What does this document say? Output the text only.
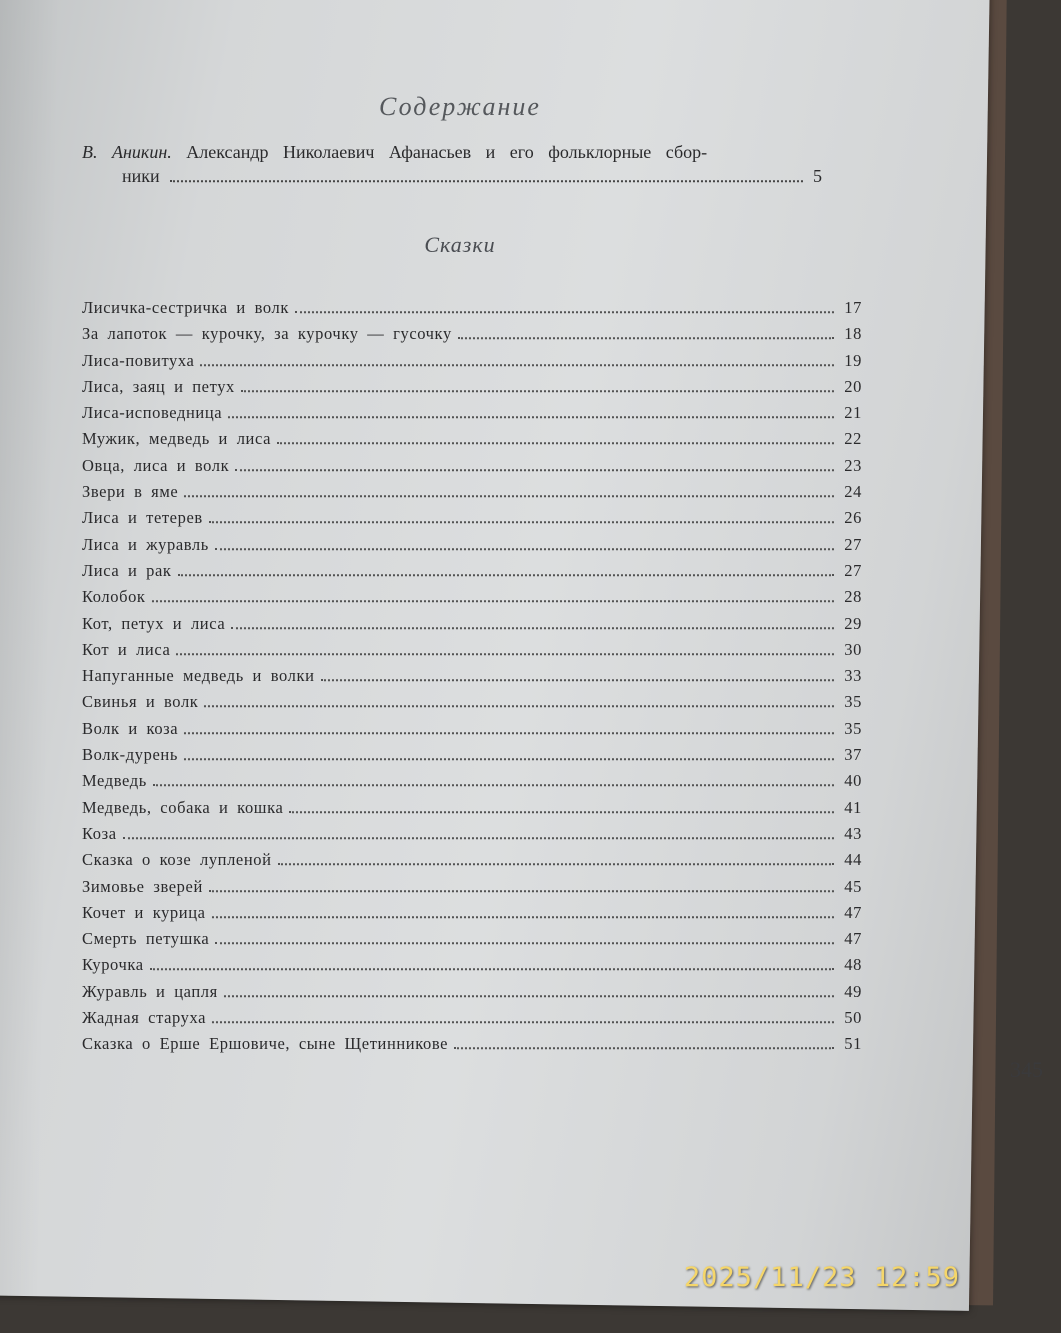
Содержание
В. Аникин. Александр Николаевич Афанасьев и его фольклорные сбор-
ники	5
Сказки
Лисичка-сестричка и волк	17
За лапоток — курочку, за курочку — гусочку	18
Лиса-повитуха	19
Лиса, заяц и петух	20
Лиса-исповедница	21
Мужик, медведь и лиса	22
Овца, лиса и волк	23
Звери в яме	24
Лиса и тетерев	26
Лиса и журавль	27
Лиса и рак	27
Колобок	28
Кот, петух и лиса	29
Кот и лиса	30
Напуганные медведь и волки	33
Свинья и волк	35
Волк и коза	35
Волк-дурень	37
Медведь	40
Медведь, собака и кошка	41
Коза	43
Сказка о козе лупленой	44
Зимовье зверей	45
Кочет и курица	47
Смерть петушка	47
Курочка	48
Журавль и цапля	49
Жадная старуха	50
Сказка о Ерше Ершовиче, сыне Щетинникове	51
345
2025/11/23 12:59
